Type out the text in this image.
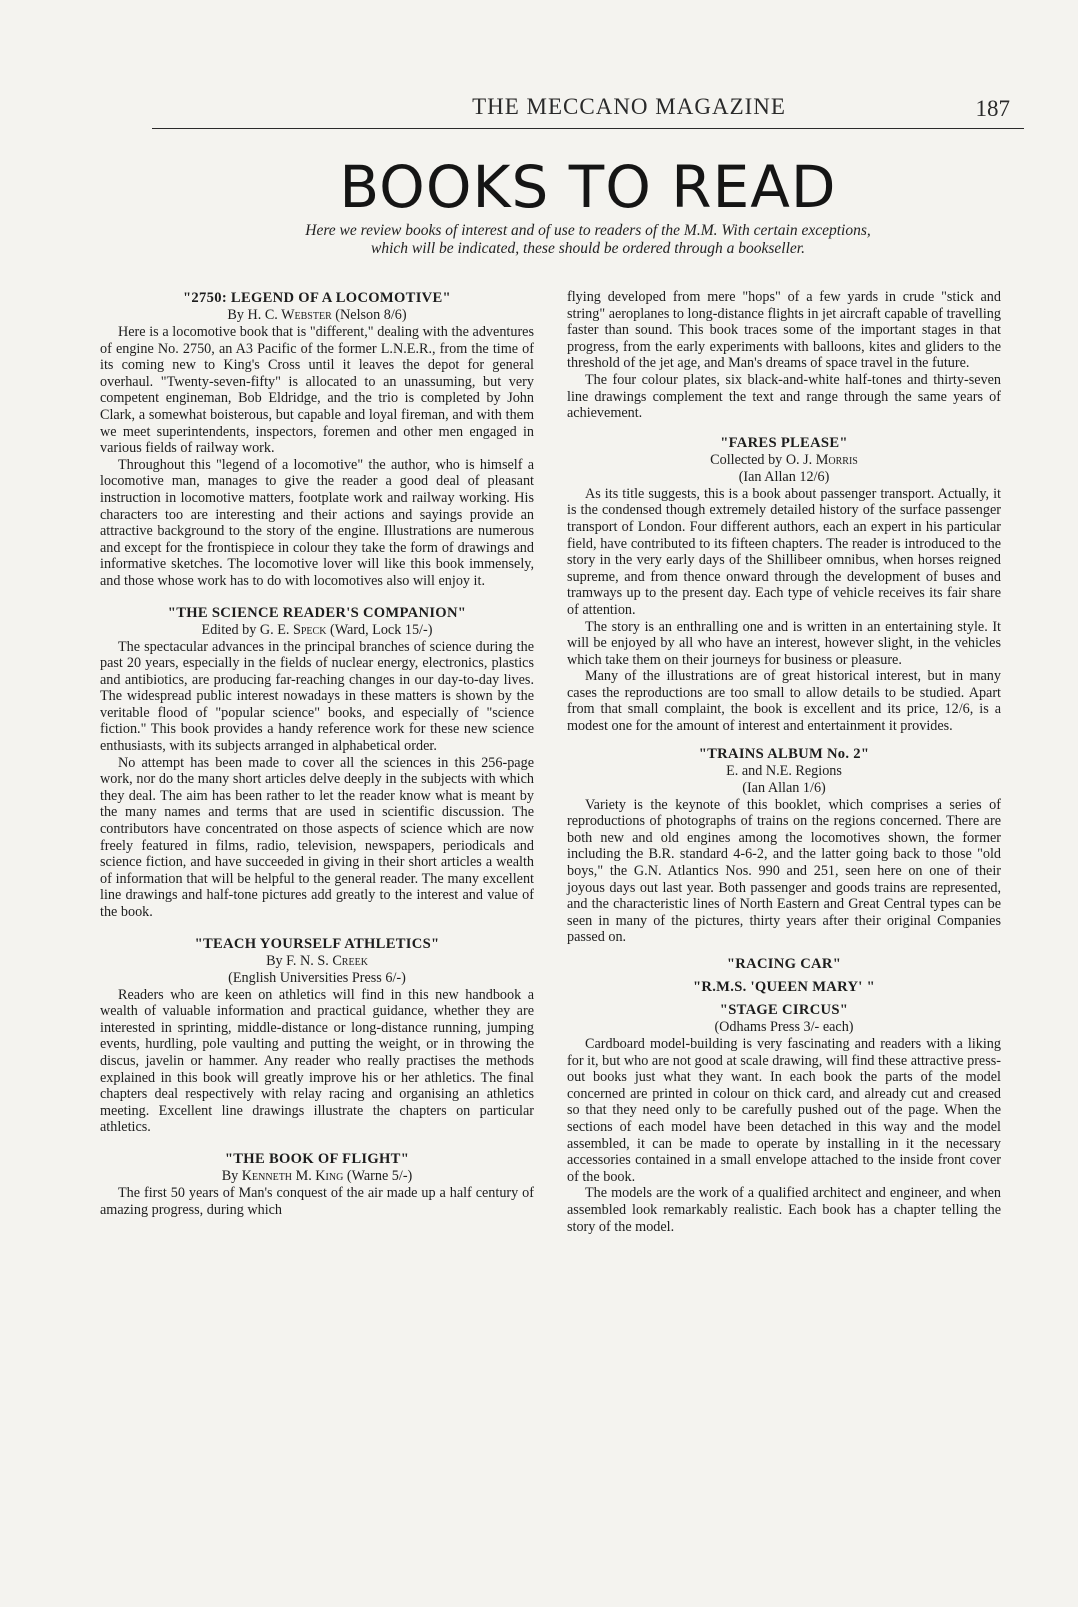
THE MECCANO MAGAZINE	187
BOOKS TO READ
Here we review books of interest and of use to readers of the M.M. With certain exceptions,
which will be indicated, these should be ordered through a bookseller.
"2750: LEGEND OF A LOCOMOTIVE"
By H. C. Webster (Nelson 8/6)

Here is a locomotive book that is "different," dealing with the adventures of engine No. 2750, an A3 Pacific of the former L.N.E.R., from the time of its coming new to King's Cross until it leaves the depot for general overhaul. "Twenty-seven-fifty" is allocated to an unassuming, but very competent engineman, Bob Eldridge, and the trio is completed by John Clark, a somewhat boisterous, but capable and loyal fireman, and with them we meet superintendents, inspectors, foremen and other men engaged in various fields of railway work.

Throughout this "legend of a locomotive" the author, who is himself a locomotive man, manages to give the reader a good deal of pleasant instruction in locomotive matters, footplate work and railway working. His characters too are interesting and their actions and sayings provide an attractive background to the story of the engine. Illustrations are numerous and except for the frontispiece in colour they take the form of drawings and informative sketches. The locomotive lover will like this book immensely, and those whose work has to do with locomotives also will enjoy it.

"THE SCIENCE READER'S COMPANION"
Edited by G. E. Speck (Ward, Lock 15/-)

The spectacular advances in the principal branches of science during the past 20 years, especially in the fields of nuclear energy, electronics, plastics and antibiotics, are producing far-reaching changes in our day-to-day lives. The widespread public interest nowadays in these matters is shown by the veritable flood of "popular science" books, and especially of "science fiction." This book provides a handy reference work for these new science enthusiasts, with its subjects arranged in alphabetical order.

No attempt has been made to cover all the sciences in this 256-page work, nor do the many short articles delve deeply in the subjects with which they deal. The aim has been rather to let the reader know what is meant by the many names and terms that are used in scientific discussion. The contributors have concentrated on those aspects of science which are now freely featured in films, radio, television, newspapers, periodicals and science fiction, and have succeeded in giving in their short articles a wealth of information that will be helpful to the general reader. The many excellent line drawings and half-tone pictures add greatly to the interest and value of the book.

"TEACH YOURSELF ATHLETICS"
By F. N. S. Creek
(English Universities Press 6/-)

Readers who are keen on athletics will find in this new handbook a wealth of valuable information and practical guidance, whether they are interested in sprinting, middle-distance or long-distance running, jumping events, hurdling, pole vaulting and putting the weight, or in throwing the discus, javelin or hammer. Any reader who really practises the methods explained in this book will greatly improve his or her athletics. The final chapters deal respectively with relay racing and organising an athletics meeting. Excellent line drawings illustrate the chapters on particular athletics.

"THE BOOK OF FLIGHT"
By Kenneth M. King (Warne 5/-)

The first 50 years of Man's conquest of the air made up a half century of amazing progress, during which

flying developed from mere "hops" of a few yards in crude "stick and string" aeroplanes to long-distance flights in jet aircraft capable of travelling faster than sound. This book traces some of the important stages in that progress, from the early experiments with balloons, kites and gliders to the threshold of the jet age, and Man's dreams of space travel in the future.

The four colour plates, six black-and-white half-tones and thirty-seven line drawings complement the text and range through the same years of achievement.

"FARES PLEASE"
Collected by O. J. Morris
(Ian Allan 12/6)

As its title suggests, this is a book about passenger transport. Actually, it is the condensed though extremely detailed history of the surface passenger transport of London. Four different authors, each an expert in his particular field, have contributed to its fifteen chapters. The reader is introduced to the story in the very early days of the Shillibeer omnibus, when horses reigned supreme, and from thence onward through the development of buses and tramways up to the present day. Each type of vehicle receives its fair share of attention.

The story is an enthralling one and is written in an entertaining style. It will be enjoyed by all who have an interest, however slight, in the vehicles which take them on their journeys for business or pleasure.

Many of the illustrations are of great historical interest, but in many cases the reproductions are too small to allow details to be studied. Apart from that small complaint, the book is excellent and its price, 12/6, is a modest one for the amount of interest and entertainment it provides.

"TRAINS ALBUM No. 2"
E. and N.E. Regions
(Ian Allan 1/6)

Variety is the keynote of this booklet, which comprises a series of reproductions of photographs of trains on the regions concerned. There are both new and old engines among the locomotives shown, the former including the B.R. standard 4-6-2, and the latter going back to those "old boys," the G.N. Atlantics Nos. 990 and 251, seen here on one of their joyous days out last year. Both passenger and goods trains are represented, and the characteristic lines of North Eastern and Great Central types can be seen in many of the pictures, thirty years after their original Companies passed on.

"RACING CAR"
"R.M.S. 'QUEEN MARY' "
"STAGE CIRCUS"
(Odhams Press 3/- each)

Cardboard model-building is very fascinating and readers with a liking for it, but who are not good at scale drawing, will find these attractive press-out books just what they want. In each book the parts of the model concerned are printed in colour on thick card, and already cut and creased so that they need only to be carefully pushed out of the page. When the sections of each model have been detached in this way and the model assembled, it can be made to operate by installing in it the necessary accessories contained in a small envelope attached to the inside front cover of the book.

The models are the work of a qualified architect and engineer, and when assembled look remarkably realistic. Each book has a chapter telling the story of the model.
